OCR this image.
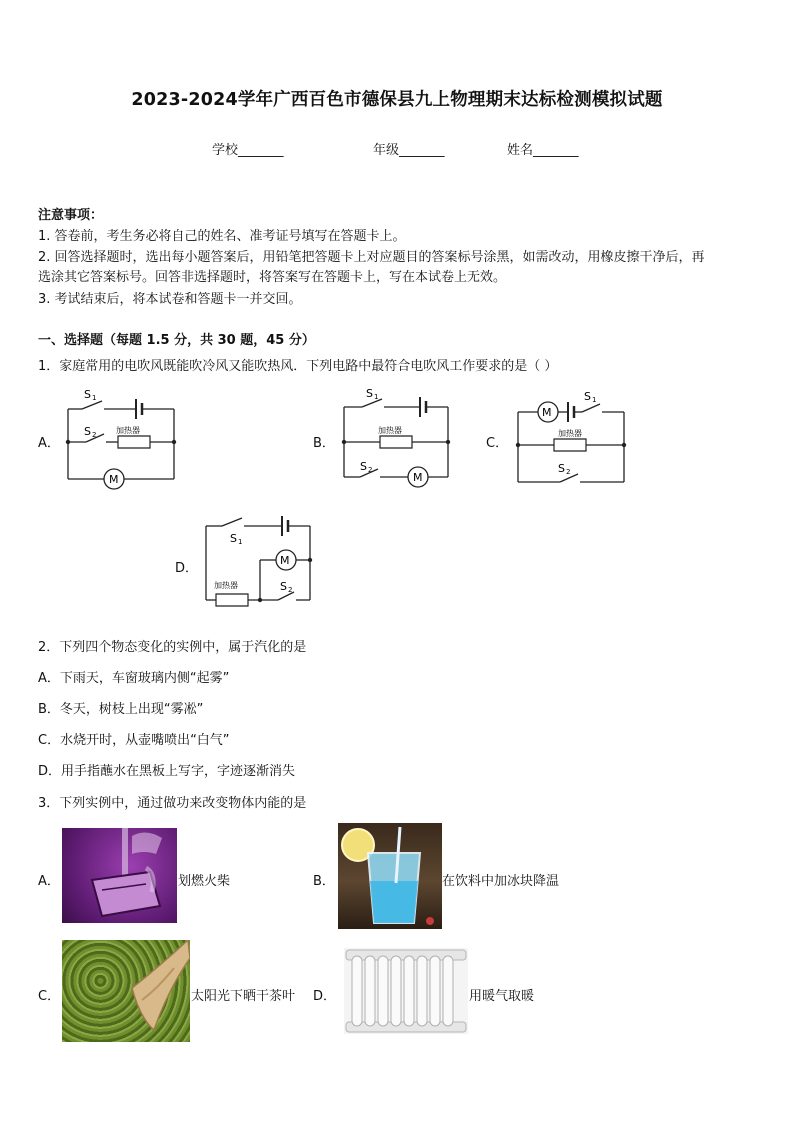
2023-2024学年广西百色市德保县九上物理期末达标检测模拟试题
学校_______	年级_______	姓名_______
注意事项：
1. 答卷前，考生务必将自己的姓名、准考证号填写在答题卡上。
2. 回答选择题时，选出每小题答案后，用铅笔把答题卡上对应题目的答案标号涂黑，如需改动，用橡皮擦干净后，再
选涂其它答案标号。回答非选择题时，将答案写在答题卡上，写在本试卷上无效。
3. 考试结束后，将本试卷和答题卡一并交回。
一、选择题（每题 1.5 分，共 30 题，45 分）
1．家庭常用的电吹风既能吹冷风又能吹热风．下列电路中最符合电吹风工作要求的是（ ）
A．	B．	C．
D．
S 1
S 2 加热器
M
S 1
S 2
加热器
M
M
S 1
加热器
S 2
S 1
M
加热器	S 2
2．下列四个物态变化的实例中，属于汽化的是
A．下雨天，车窗玻璃内侧“起雾”
B．冬天，树枝上出现“雾凇”
C．水烧开时，从壶嘴喷出“白气”
D．用手指蘸水在黑板上写字，字迹逐渐消失
3．下列实例中，通过做功来改变物体内能的是
A．	划燃火柴	B．	在饮料中加冰块降温
C．	太阳光下晒干茶叶 D．	用暖气取暖
